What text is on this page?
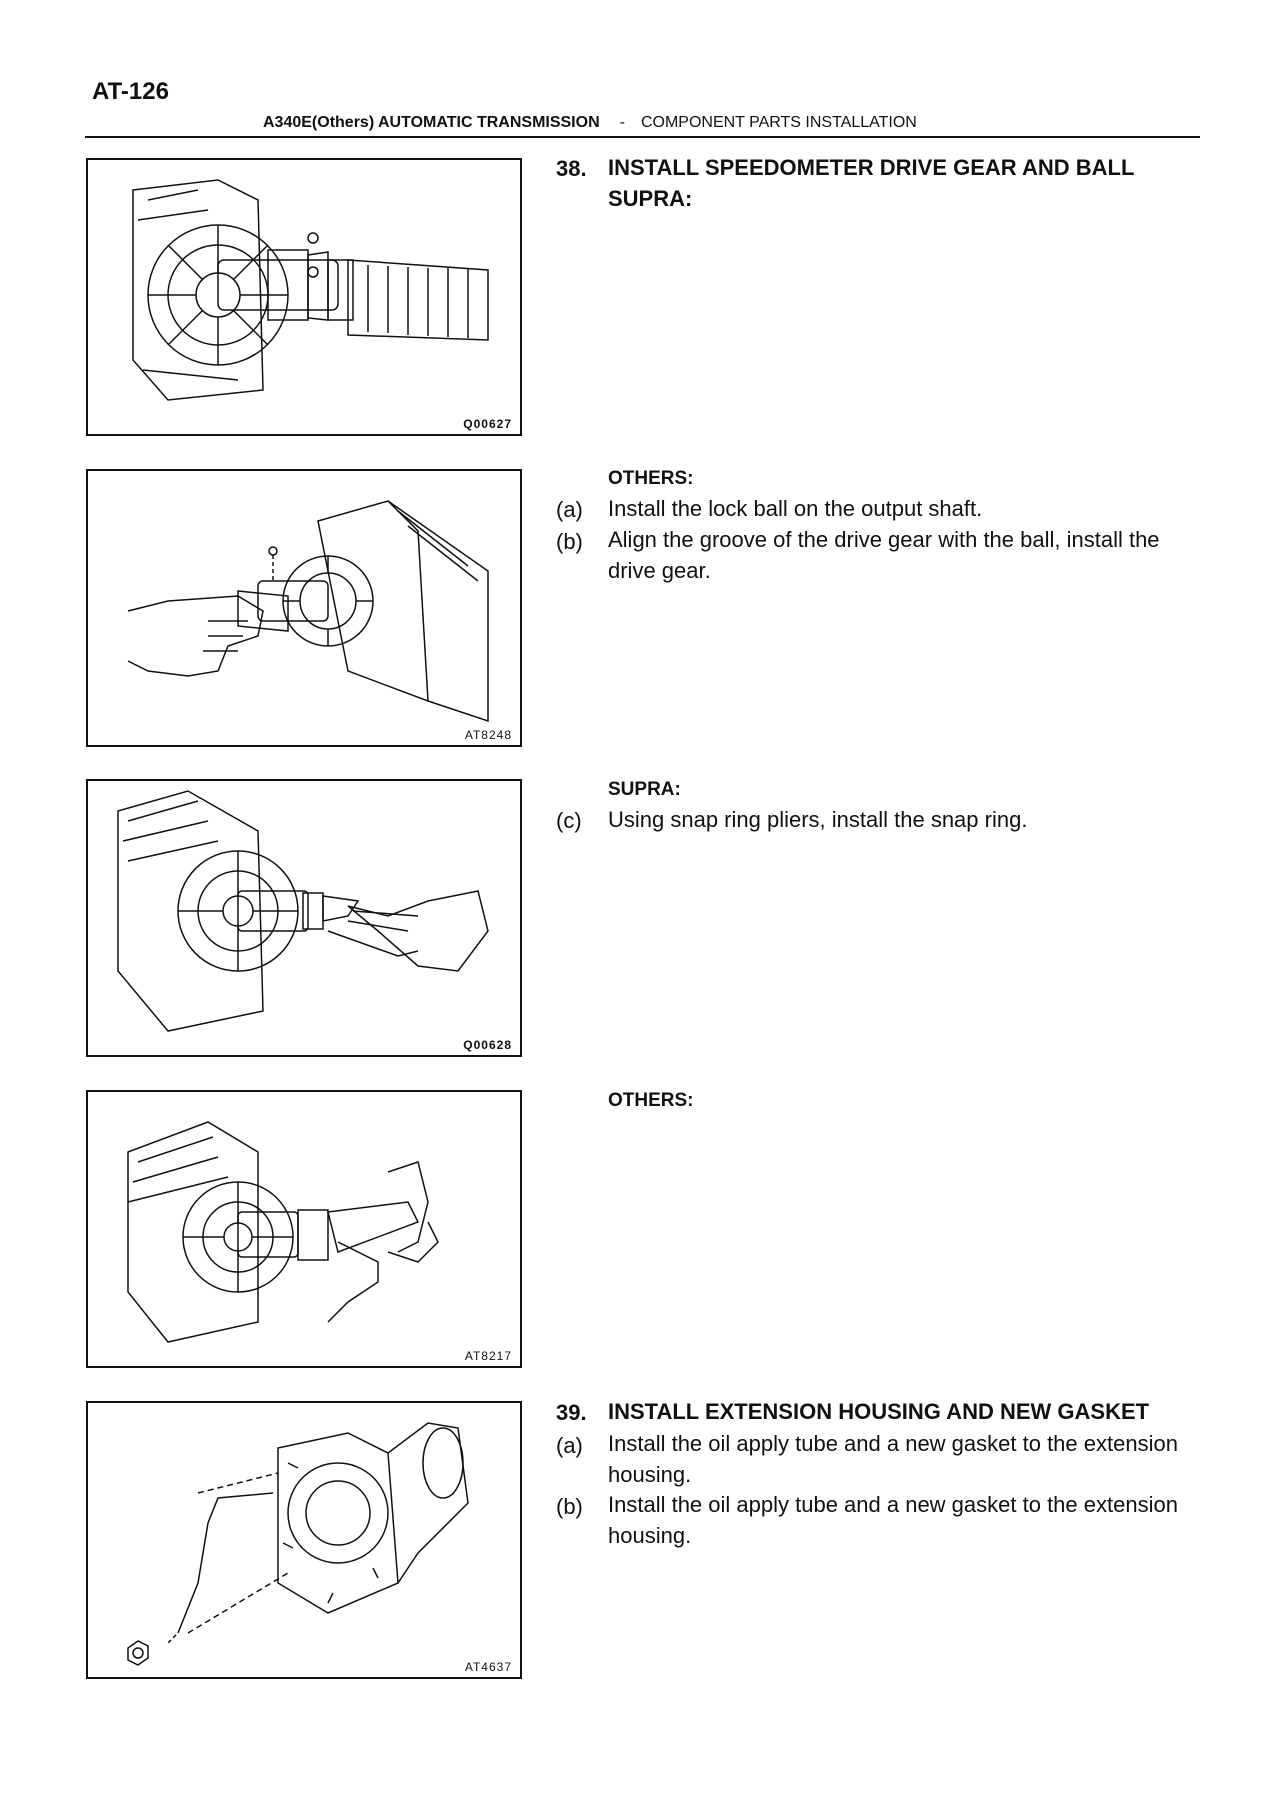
AT-126
A340E(Others) AUTOMATIC TRANSMISSION - COMPONENT PARTS INSTALLATION
Q00627
AT8248
Q00628
AT8217
AT4637
38. INSTALL SPEEDOMETER DRIVE GEAR AND BALL
SUPRA:
OTHERS:
(a) Install the lock ball on the output shaft.
(b) Align the groove of the drive gear with the ball, install the
drive gear.
SUPRA:
(c) Using snap ring pliers, install the snap ring.
OTHERS:
39. INSTALL EXTENSION HOUSING AND NEW GASKET
(a) Install the oil apply tube and a new gasket to the extension
housing.
(b) Install the oil apply tube and a new gasket to the extension
housing.
